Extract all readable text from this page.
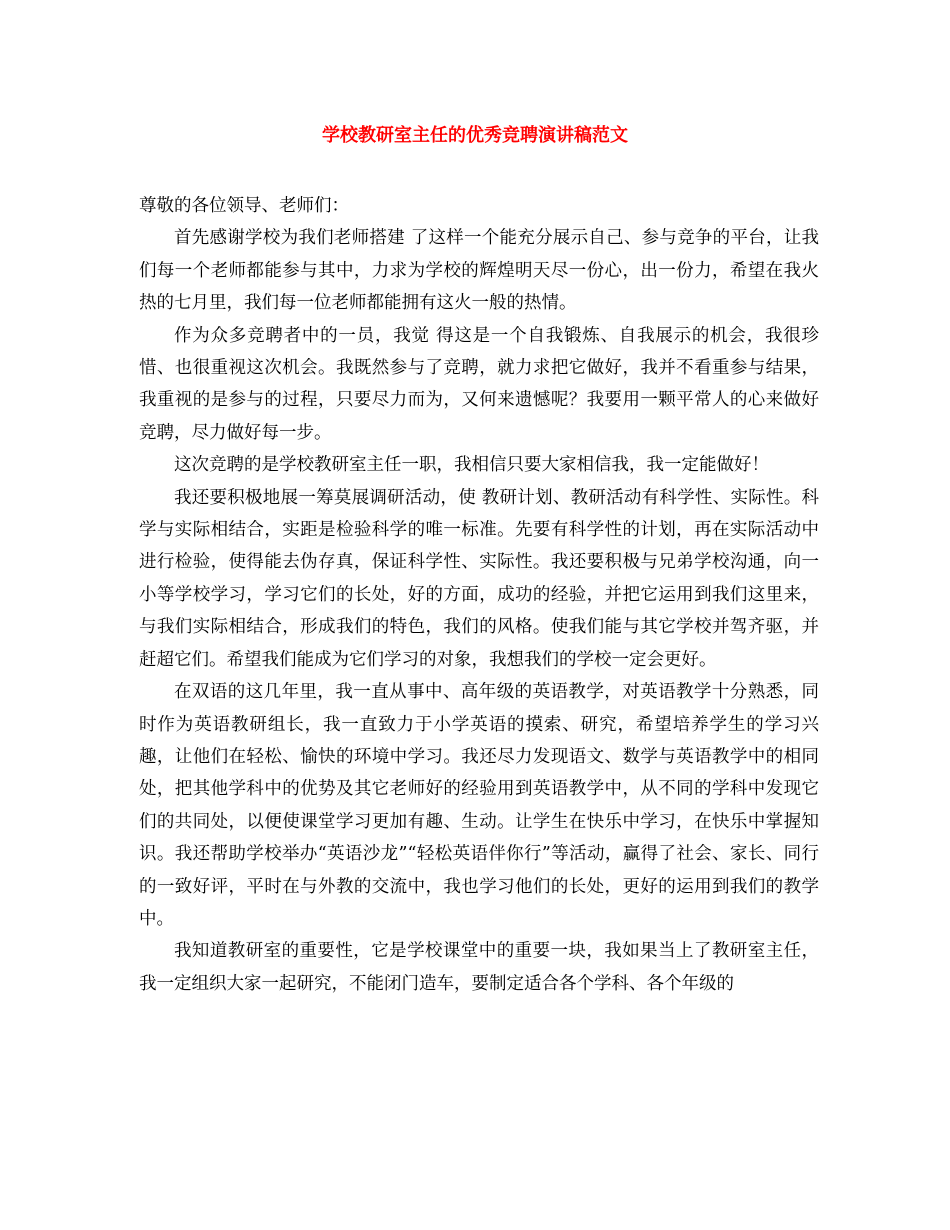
学校教研室主任的优秀竞聘演讲稿范文

尊敬的各位领导、老师们：

首先感谢学校为我们老师搭建 了这样一个能充分展示自己、参与竞争的平台，让我们每一个老师都能参与其中，力求为学校的辉煌明天尽一份心，出一份力，希望在我火热的七月里，我们每一位老师都能拥有这火一般的热情。

作为众多竞聘者中的一员，我觉 得这是一个自我锻炼、自我展示的机会，我很珍惜、也很重视这次机会。我既然参与了竞聘，就力求把它做好，我并不看重参与结果，我重视的是参与的过程，只要尽力而为，又何来遗憾呢？我要用一颗平常人的心来做好竞聘，尽力做好每一步。

这次竞聘的是学校教研室主任一职，我相信只要大家相信我，我一定能做好！

我还要积极地展一筹莫展调研活动，使 教研计划、教研活动有科学性、实际性。科学与实际相结合，实距是检验科学的唯一标准。先要有科学性的计划，再在实际活动中进行检验，使得能去伪存真，保证科学性、实际性。我还要积极与兄弟学校沟通，向一小等学校学习，学习它们的长处，好的方面，成功的经验，并把它运用到我们这里来，与我们实际相结合，形成我们的特色，我们的风格。使我们能与其它学校并驾齐驱，并赶超它们。希望我们能成为它们学习的对象，我想我们的学校一定会更好。

在双语的这几年里，我一直从事中、高年级的英语教学，对英语教学十分熟悉，同时作为英语教研组长，我一直致力于小学英语的摸索、研究，希望培养学生的学习兴趣，让他们在轻松、愉快的环境中学习。我还尽力发现语文、数学与英语教学中的相同处，把其他学科中的优势及其它老师好的经验用到英语教学中，从不同的学科中发现它们的共同处，以便使课堂学习更加有趣、生动。让学生在快乐中学习，在快乐中掌握知识。我还帮助学校举办“英语沙龙”“轻松英语伴你行”等活动，赢得了社会、家长、同行的一致好评，平时在与外教的交流中，我也学习他们的长处，更好的运用到我们的教学中。

我知道教研室的重要性，它是学校课堂中的重要一块，我如果当上了教研室主任，我一定组织大家一起研究，不能闭门造车，要制定适合各个学科、各个年级的
